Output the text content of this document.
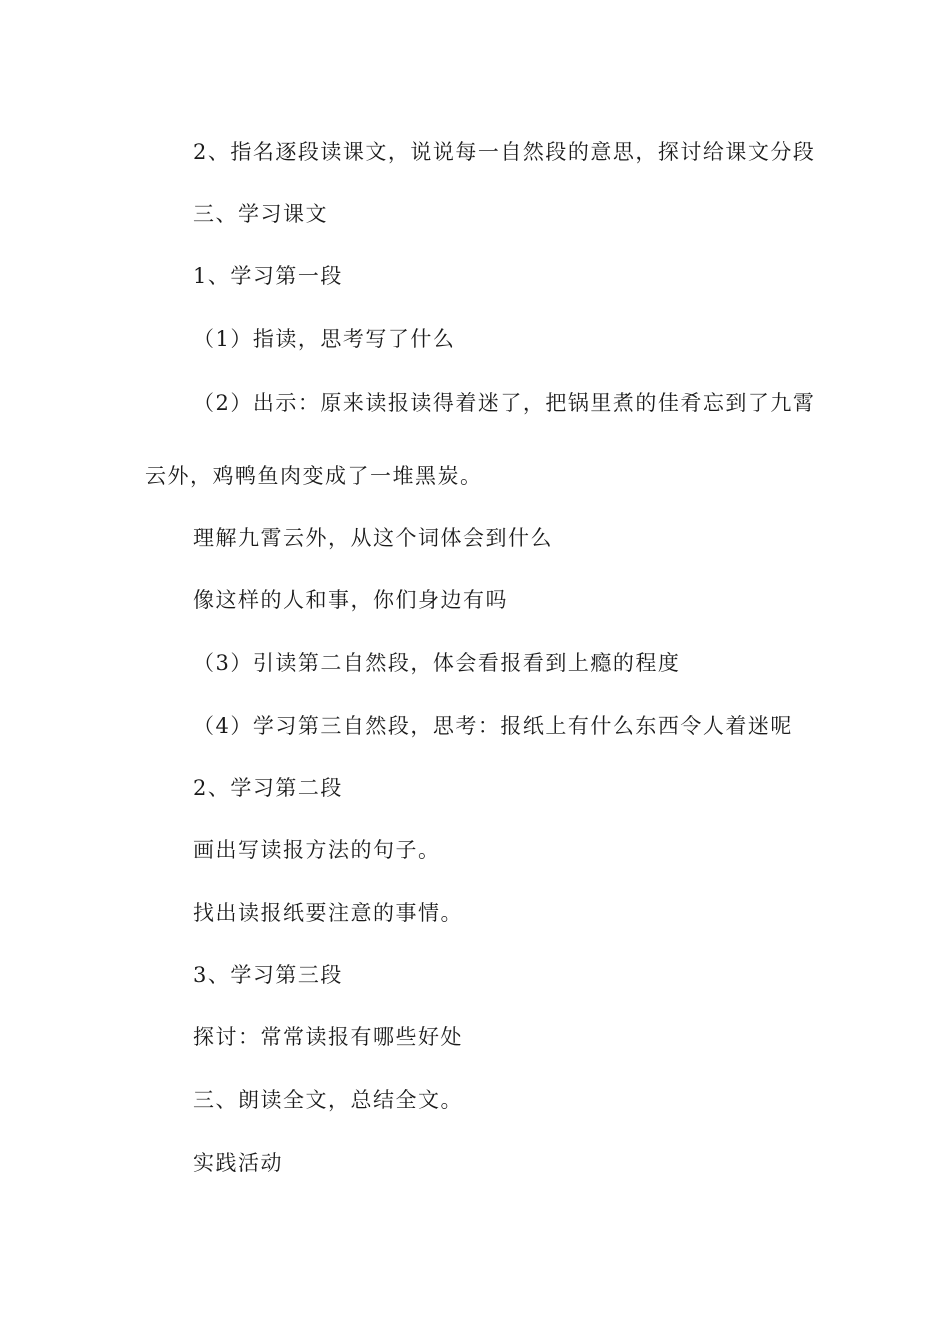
2、指名逐段读课文，说说每一自然段的意思，探讨给课文分段
三、学习课文
1、学习第一段
（1）指读，思考写了什么
（2）出示：原来读报读得着迷了，把锅里煮的佳肴忘到了九霄
云外，鸡鸭鱼肉变成了一堆黑炭。
理解九霄云外，从这个词体会到什么
像这样的人和事，你们身边有吗
（3）引读第二自然段，体会看报看到上瘾的程度
（4）学习第三自然段，思考：报纸上有什么东西令人着迷呢
2、学习第二段
画出写读报方法的句子。
找出读报纸要注意的事情。
3、学习第三段
探讨：常常读报有哪些好处
三、朗读全文，总结全文。
实践活动
